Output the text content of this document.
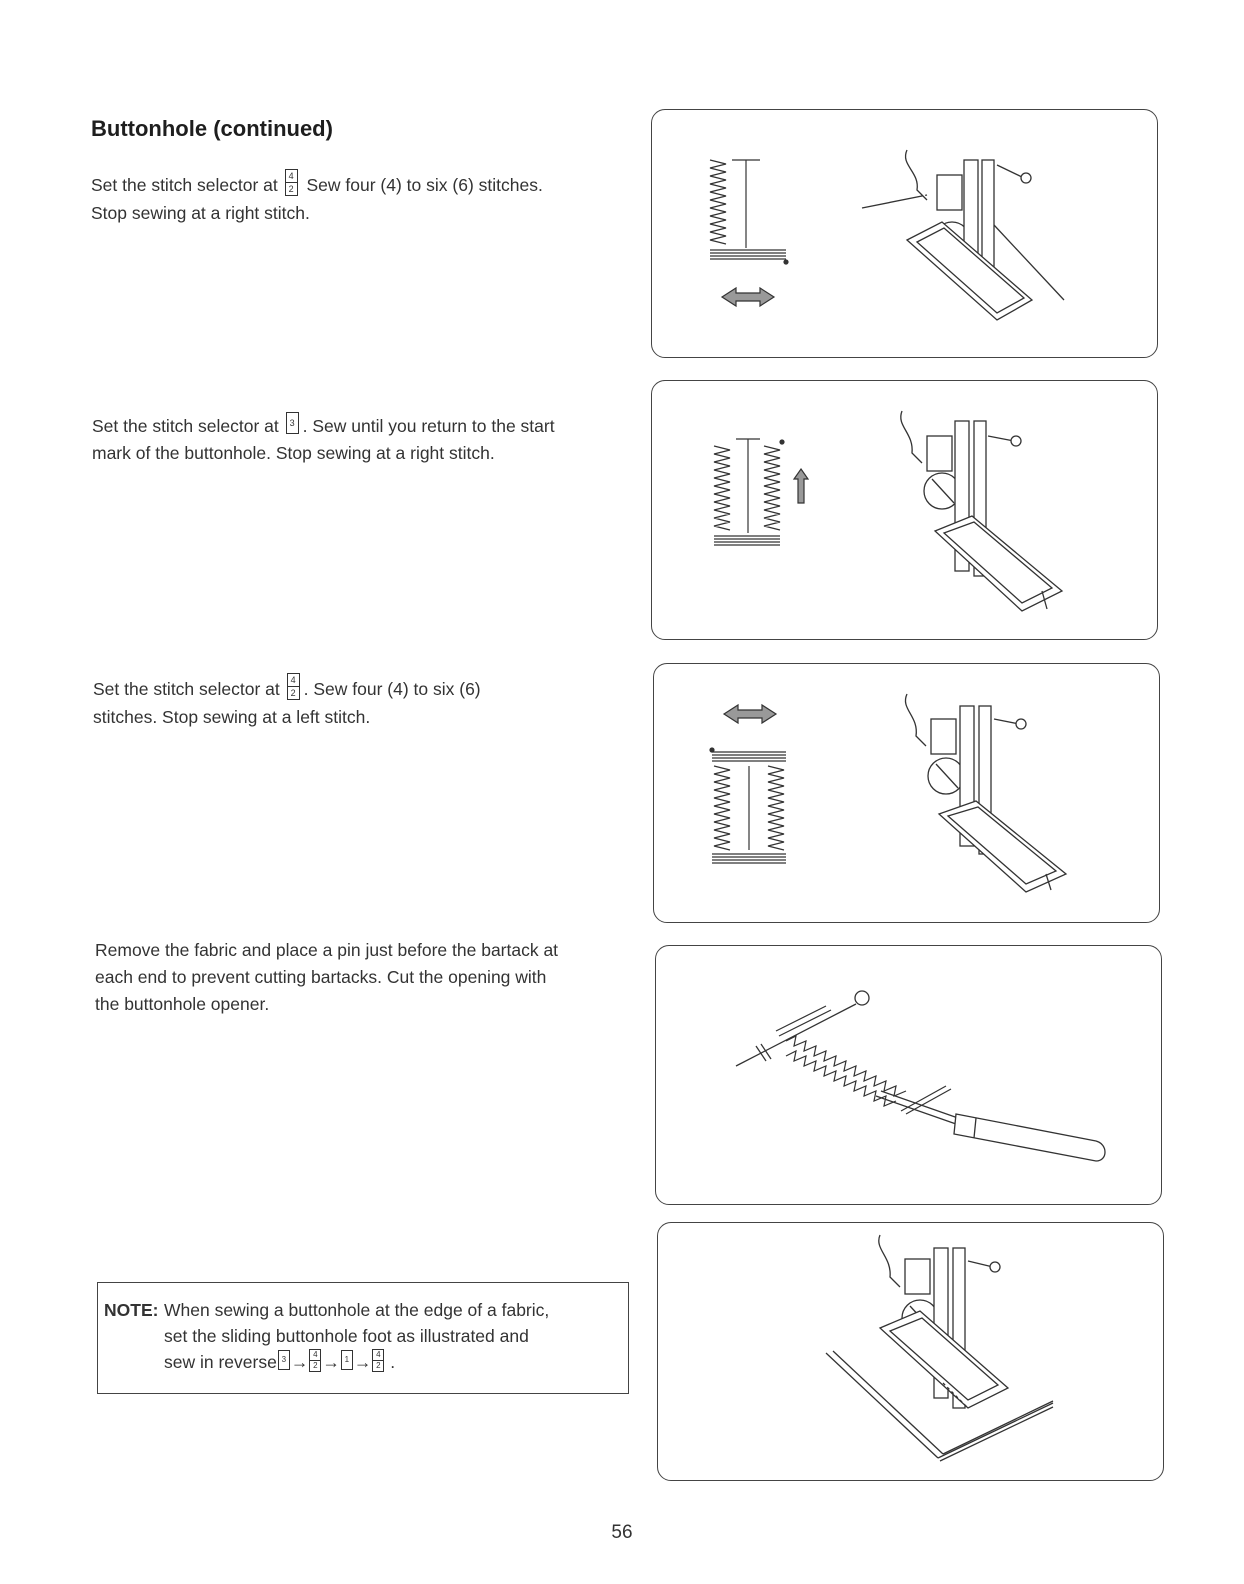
Buttonhole (continued)

Set the stitch selector at $\frac{4}{2}$ Sew four (4) to six (6) stitches.

Stop sewing at a right stitch.

Set the stitch selector at	3 . Sew until you return to the start

mark of the buttonhole. Stop sewing at a right stitch.

Set the stitch selector at $\frac{4}{2}$ . Sew four (4) to six (6)

stitches. Stop sewing at a left stitch.

Remove the fabric and place a pin just before the bartack at

each end to prevent cutting bartacks. Cut the opening with

the buttonhole opener.

NOTE: When sewing a buttonhole at the edge of a fabric,
set the sliding buttonhole foot as illustrated and
sew in reverse $3 \to \frac{4}{2} \to 1 \to \frac{4}{2}$ .
56
